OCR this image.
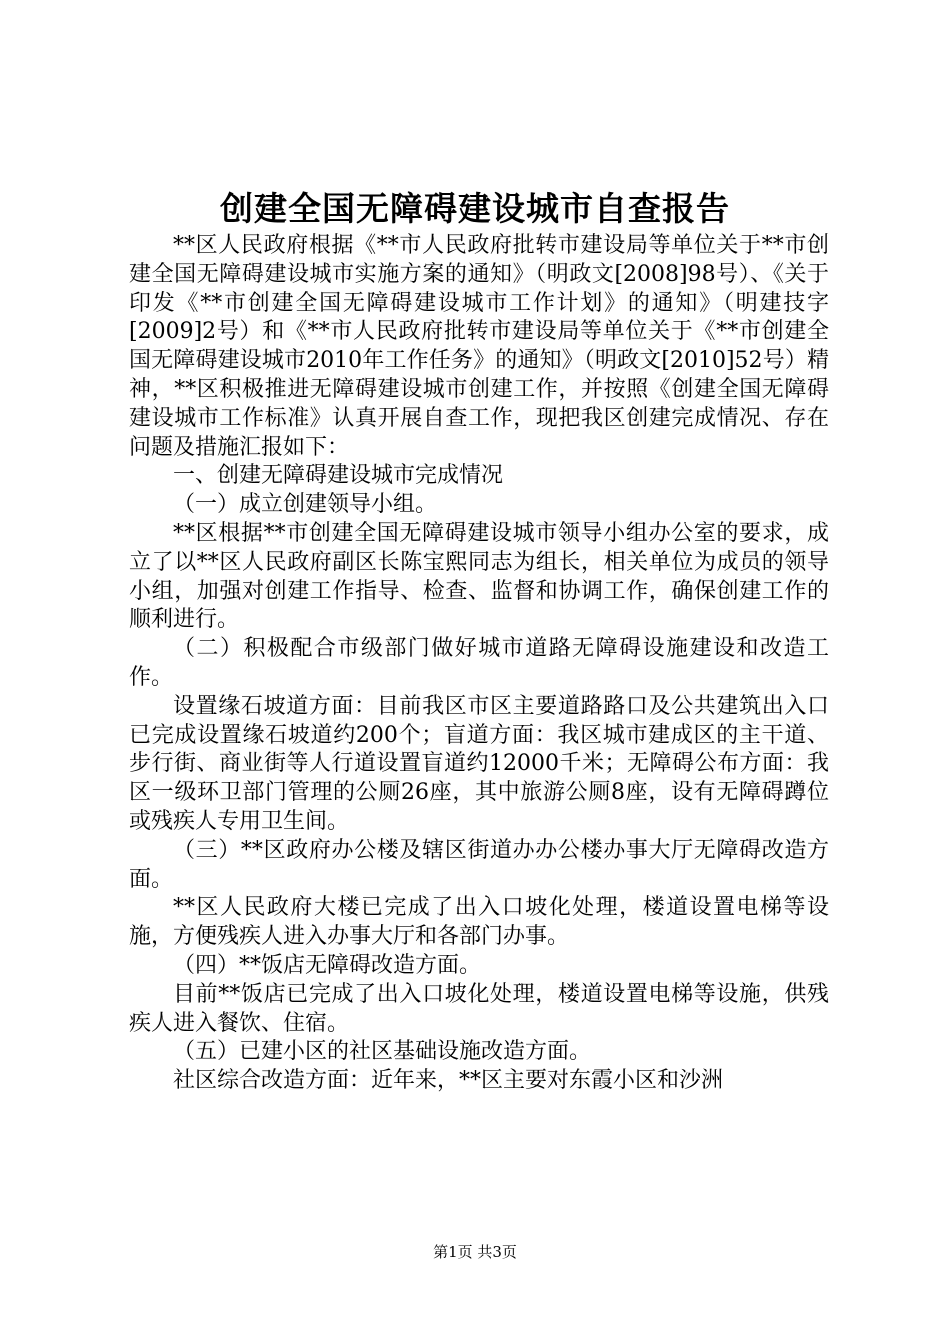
创建全国无障碍建设城市自查报告

**区人民政府根据《**市人民政府批转市建设局等单位关于**市创建全国无障碍建设城市实施方案的通知》（明政文[2008]98号）、《关于印发《**市创建全国无障碍建设城市工作计划》的通知》（明建技字[2009]2号）和《**市人民政府批转市建设局等单位关于《**市创建全国无障碍建设城市2010年工作任务》的通知》（明政文[2010]52号）精神，**区积极推进无障碍建设城市创建工作，并按照《创建全国无障碍建设城市工作标准》认真开展自查工作，现把我区创建完成情况、存在问题及措施汇报如下：

一、创建无障碍建设城市完成情况

（一）成立创建领导小组。

**区根据**市创建全国无障碍建设城市领导小组办公室的要求，成立了以**区人民政府副区长陈宝熙同志为组长，相关单位为成员的领导小组，加强对创建工作指导、检查、监督和协调工作，确保创建工作的顺利进行。

（二）积极配合市级部门做好城市道路无障碍设施建设和改造工作。

设置缘石坡道方面：目前我区市区主要道路路口及公共建筑出入口已完成设置缘石坡道约200个；盲道方面：我区城市建成区的主干道、步行街、商业街等人行道设置盲道约12000千米；无障碍公布方面：我区一级环卫部门管理的公厕26座，其中旅游公厕8座，设有无障碍蹲位或残疾人专用卫生间。

（三）**区政府办公楼及辖区街道办办公楼办事大厅无障碍改造方面。

**区人民政府大楼已完成了出入口坡化处理，楼道设置电梯等设施，方便残疾人进入办事大厅和各部门办事。

（四）**饭店无障碍改造方面。

目前**饭店已完成了出入口坡化处理，楼道设置电梯等设施，供残疾人进入餐饮、住宿。

（五）已建小区的社区基础设施改造方面。

社区综合改造方面：近年来，**区主要对东霞小区和沙洲

第1页 共3页
